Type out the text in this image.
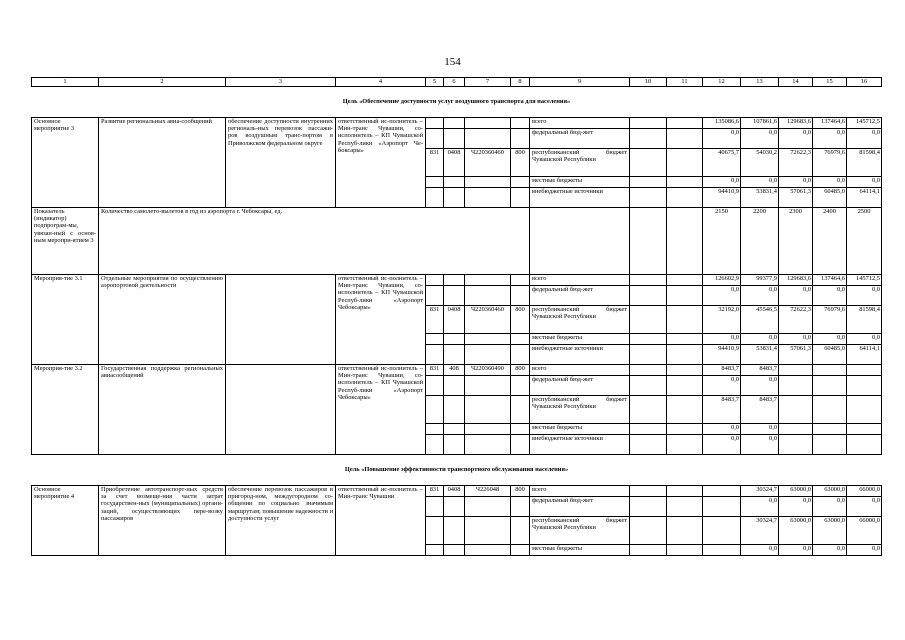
154
1	2	3	4	5	6	7	8	9	10	11	12	13	14	15	16
Цель «Обеспечение доступности услуг воздушного транспорта для населения»															
Основное мероприятие 3	Развитие региональных авиа-сообщений	обеспечение доступности внутренних региональ-ных перевозок пассажи-ров воздушным транс-портом в Приволжском федеральном округе	ответственный ис-полнитель – Мин-транс Чувашии, со-исполнитель – КП Чувашской Респуб-лики «Аэропорт Че-боксары»					всего			135086,6	107861,6	129683,6	137464,6	145712,5
								федеральный бюд-жет			0,0	0,0	0,0	0,0	0,0
				831	0408	Ч220360460	800	республиканский бюджет Чувашской Республики			40675,7	54030,2	72622,3	76979,6	81598,4
								местные бюджеты			0,0	0,0	0,0	0,0	0,0
								внебюджетные источники			94410,9	53831,4	57061,3	60485,0	64114,1
Показатель (индикатор) подпрограм-мы, увязан-ный с основ-ным меропри-ятием 3	Количество самолето-вылетов в год из аэропорта г. Чебоксары, ед.										2150	2200	2300	2400	2500
Мероприя-тие 3.1	Отдельные мероприятия по осуществлению аэропортовой деятельности		ответственный ис-полнитель – Мин-транс Чувашии, со-исполнитель – КП Чувашской Респуб-лики «Аэропорт Чебоксары»					всего			126602,9	99377,9	129683,6	137464,6	145712,5
								федеральный бюд-жет			0,0	0,0	0,0	0,0	0,0
				831	0408	Ч220360460	800	республиканский бюджет Чувашской Республики			32192,0	45546,5	72622,3	76979,6	81598,4
								местные бюджеты			0,0	0,0	0,0	0,0	0,0
								внебюджетные источники			94410,9	53831,4	57061,3	60485,0	64114,1
Мероприя-тие 3.2	Государственная поддержка региональных авиасообщений		ответственный ис-полнитель – Мин-транс Чувашии, со-исполнитель – КП Чувашской Респуб-лики «Аэропорт Чебоксары»	831	408	Ч220360490	800	всего			8483,7	8483,7			
								федеральный бюд-жет			0,0	0,0			
								республиканский бюджет Чувашской Республики			8483,7	8483,7			
								местные бюджеты			0,0	0,0			
								внебюджетные источники			0,0	0,0			
Цель «Повышение эффективности транспортного обслуживания населения»															
Основное мероприятие 4	Приобретение автотранспорт-ных средств за счет возмеще-ния части затрат государствен-ных (муниципальных) органи-заций, осуществляющих пере-возку пассажиров	обеспечение перевозок пассажиров в пригород-ном, междугородном со-общении по социально значимым маршрутам; повышение надежности и доступности услуг	ответственный ис-полнитель – Мин-транс Чувашии	831	0408	Ч226048	800	всего				30324,7	63000,0	63000,0	66000,0
								федеральный бюд-жет				0,0	0,0	0,0	0,0
								республиканский бюджет Чувашской Республики				30324,7	63000,0	63000,0	66000,0
								местные бюджеты				0,0	0,0	0,0	0,0
